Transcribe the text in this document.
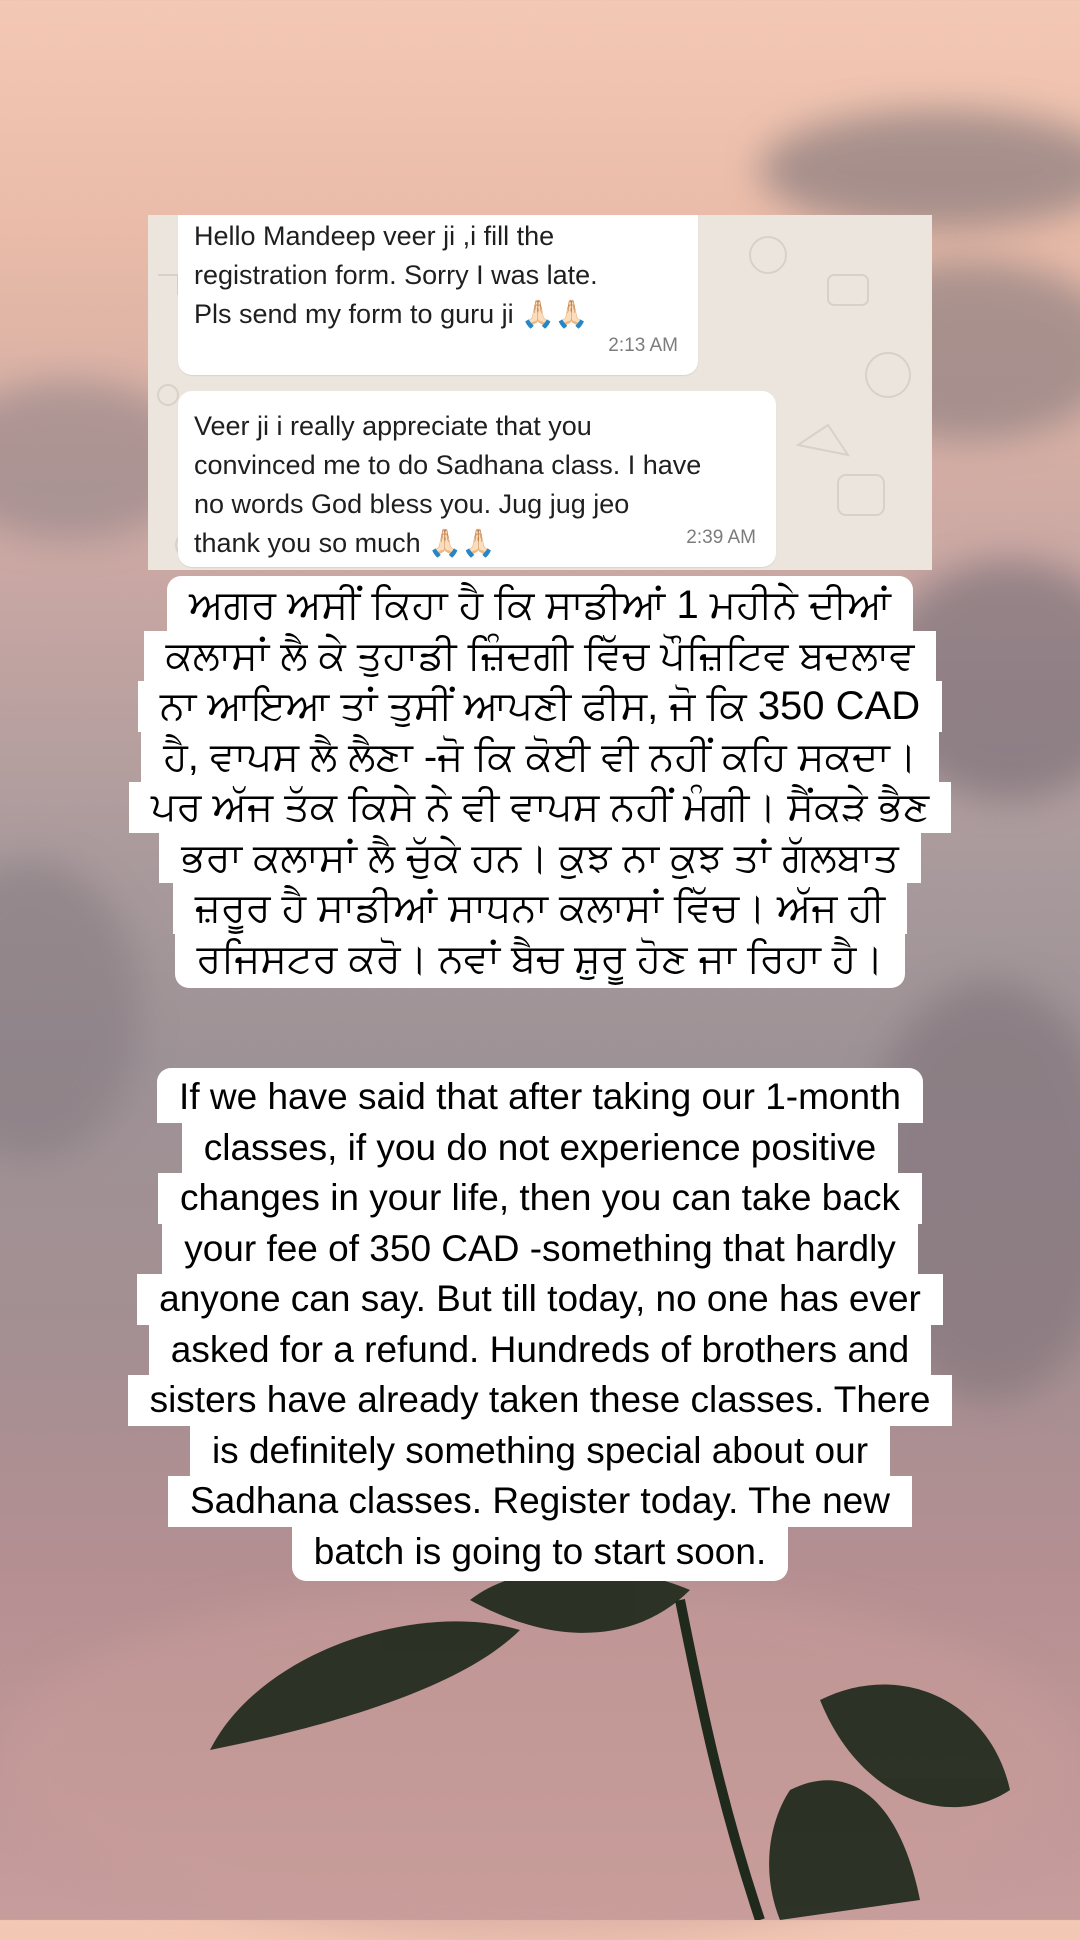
Hello Mandeep veer ji ,i fill the
registration form. Sorry I was late.
Pls send my form to guru ji 🙏🏻🙏🏻
2:13 AM
Veer ji i really appreciate that you
convinced me to do Sadhana class. I have
no words God bless you. Jug jug jeo
thank you so much 🙏🏻🙏🏻	2:39 AM
ਅਗਰ ਅਸੀਂ ਕਿਹਾ ਹੈ ਕਿ ਸਾਡੀਆਂ 1 ਮਹੀਨੇ ਦੀਆਂ
ਕਲਾਸਾਂ ਲੈ ਕੇ ਤੁਹਾਡੀ ਜ਼ਿੰਦਗੀ ਵਿੱਚ ਪੌਜ਼ਿਟਿਵ ਬਦਲਾਵ
ਨਾ ਆਇਆ ਤਾਂ ਤੁਸੀਂ ਆਪਣੀ ਫੀਸ, ਜੋ ਕਿ 350 CAD
ਹੈ, ਵਾਪਸ ਲੈ ਲੈਣਾ -ਜੋ ਕਿ ਕੋਈ ਵੀ ਨਹੀਂ ਕਹਿ ਸਕਦਾ।
ਪਰ ਅੱਜ ਤੱਕ ਕਿਸੇ ਨੇ ਵੀ ਵਾਪਸ ਨਹੀਂ ਮੰਗੀ। ਸੈਂਕੜੇ ਭੈਣ
ਭਰਾ ਕਲਾਸਾਂ ਲੈ ਚੁੱਕੇ ਹਨ। ਕੁਝ ਨਾ ਕੁਝ ਤਾਂ ਗੱਲਬਾਤ
ਜ਼ਰੂਰ ਹੈ ਸਾਡੀਆਂ ਸਾਧਨਾ ਕਲਾਸਾਂ ਵਿੱਚ। ਅੱਜ ਹੀ
ਰਜਿਸਟਰ ਕਰੋ। ਨਵਾਂ ਬੈਚ ਸ਼ੁਰੂ ਹੋਣ ਜਾ ਰਿਹਾ ਹੈ।
If we have said that after taking our 1-month
classes, if you do not experience positive
changes in your life, then you can take back
your fee of 350 CAD -something that hardly
anyone can say. But till today, no one has ever
asked for a refund. Hundreds of brothers and
sisters have already taken these classes. There
is definitely something special about our
Sadhana classes. Register today. The new
batch is going to start soon.
